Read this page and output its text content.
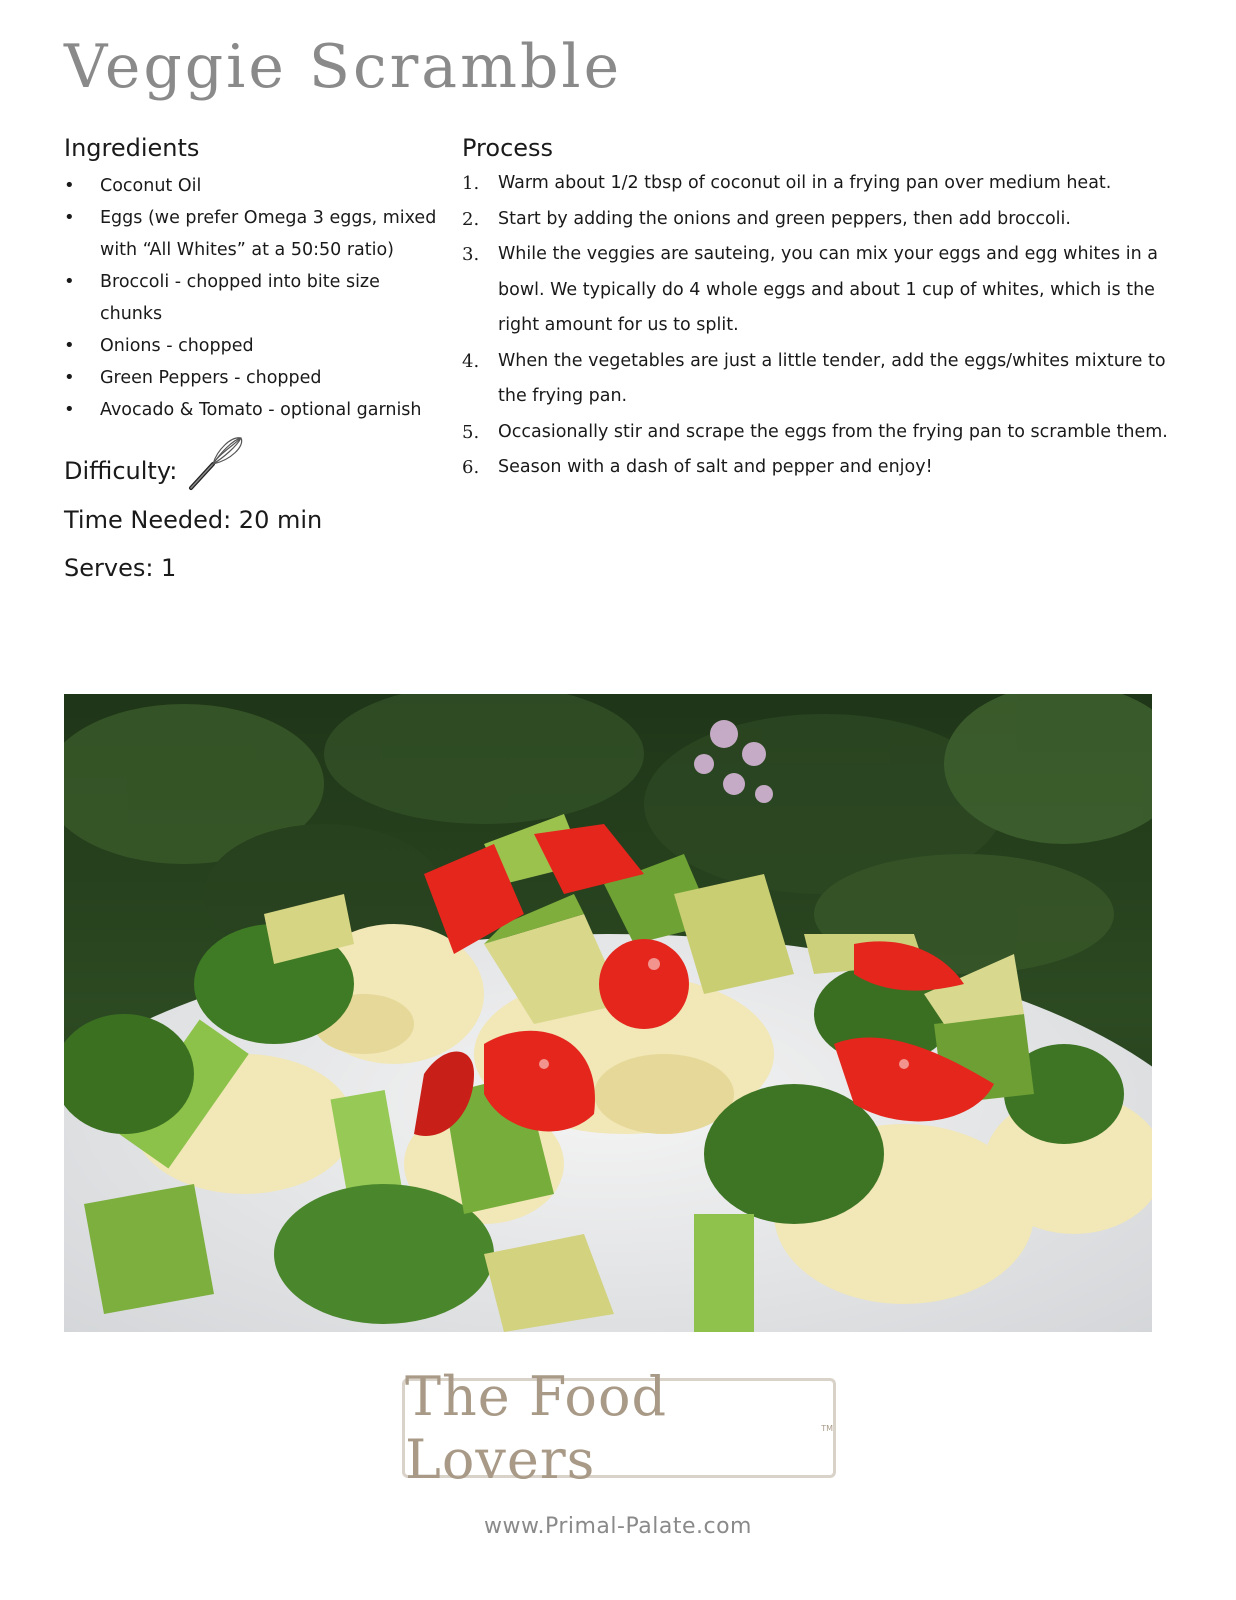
Veggie Scramble
Ingredients
• Coconut Oil
• Eggs (we prefer Omega 3 eggs, mixed with “All Whites” at a 50:50 ratio)
• Broccoli - chopped into bite size chunks
• Onions - chopped
• Green Peppers - chopped
• Avocado & Tomato - optional garnish
Difficulty:
Time Needed: 20 min
Serves: 1
Process
1.	Warm about 1/2 tbsp of coconut oil in a frying pan over medium heat.
2.	Start by adding the onions and green peppers, then add broccoli.
3.	While the veggies are sauteing, you can mix your eggs and egg whites in a bowl. We typically do 4 whole eggs and about 1 cup of whites, which is the right amount for us to split.
4.	When the vegetables are just a little tender, add the eggs/whites mixture to the frying pan.
5.	Occasionally stir and scrape the eggs from the frying pan to scramble them.
6.	Season with a dash of salt and pepper and enjoy!
The Food Lovers	TM
www.Primal-Palate.com
